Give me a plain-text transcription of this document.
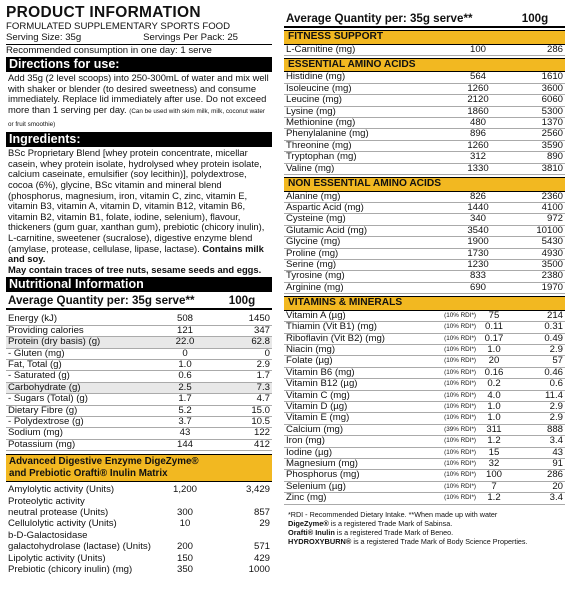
PRODUCT INFORMATION
FORMULATED SUPPLEMENTARY SPORTS FOOD
Serving Size: 35g	Servings Per Pack: 25
Recommended consumption in one day: 1 serve
Directions for use:
Add 35g (2 level scoops) into 250-300mL of water and mix well with shaker or blender (to desired sweetness) and consume immediately. Replace lid immediately after use. Do not exceed more than 1 serving per day. (Can be used with skim milk, milk, coconut water or fruit smoothie)
Ingredients:
BSc Proprietary Blend [whey protein concentrate, micellar casein, whey protein isolate, hydrolysed whey protein isolate, calcium caseinate, emulsifier (soy lecithin)], polydextrose, cocoa (6%), glycine, BSc vitamin and mineral blend (phosphorus, magnesium, iron, vitamin C, zinc, vitamin E, vitamin B3, vitamin A, vitamin D, vitamin B12, vitamin B6, vitamin B2, vitamin B1, folate, iodine, selenium), flavour, thickeners (gum guar, xanthan gum), prebiotic (chicory inulin), L-carnitine, sweetener (sucralose), digestive enzyme blend (amylase, protease, cellulase, lipase, lactase). Contains milk and soy.
May contain traces of tree nuts, sesame seeds and eggs.
Nutritional Information
Average Quantity per:
35g serve**	100g
Energy (kJ)	508	1450
Providing calories	121	347
Protein (dry basis) (g)	22.0	62.8
- Gluten (mg)	0	0
Fat, Total (g)	1.0	2.9
- Saturated (g)	0.6	1.7
Carbohydrate (g)	2.5	7.3
- Sugars (Total) (g)	1.7	4.7
Dietary Fibre (g)	5.2	15.0
- Polydextrose (g)	3.7	10.5
Sodium (mg)	43	122
Potassium (mg)	144	412
Advanced Digestive Enzyme DigeZyme®
and Prebiotic Orafti® Inulin Matrix
Amylolytic activity (Units)	1,200	3,429
Proteolytic activity		
neutral protease (Units)	300	857
Cellulolytic activity (Units)	10	29
b-D-Galactosidase		
galactohydrolase (lactase) (Units)	200	571
Lipolytic activity (Units)	150	429
Prebiotic (chicory inulin) (mg)	350	1000
Average Quantity per:
35g serve**	100g
FITNESS SUPPORT
L-Carnitine (mg)	100	286
ESSENTIAL AMINO ACIDS
Histidine (mg)	564	1610
Isoleucine (mg)	1260	3600
Leucine (mg)	2120	6060
Lysine (mg)	1860	5300
Methionine (mg)	480	1370
Phenylalanine (mg)	896	2560
Threonine (mg)	1260	3590
Tryptophan (mg)	312	890
Valine (mg)	1330	3810
NON ESSENTIAL AMINO ACIDS
Alanine (mg)	826	2360
Aspartic Acid (mg)	1440	4100
Cysteine (mg)	340	972
Glutamic Acid (mg)	3540	10100
Glycine (mg)	1900	5430
Proline (mg)	1730	4930
Serine (mg)	1230	3500
Tyrosine (mg)	833	2380
Arginine (mg)	690	1970
VITAMINS & MINERALS
Vitamin A (µg)	(10% RDI*)	75	214
Thiamin (Vit B1) (mg)	(10% RDI*)	0.11	0.31
Riboflavin (Vit B2) (mg)	(10% RDI*)	0.17	0.49
Niacin (mg)	(10% RDI*)	1.0	2.9
Folate (µg)	(10% RDI*)	20	57
Vitamin B6 (mg)	(10% RDI*)	0.16	0.46
Vitamin B12 (µg)	(10% RDI*)	0.2	0.6
Vitamin C (mg)	(10% RDI*)	4.0	11.4
Vitamin D (µg)	(10% RDI*)	1.0	2.9
Vitamin E (mg)	(10% RDI*)	1.0	2.9
Calcium (mg)	(39% RDI*)	311	888
Iron (mg)	(10% RDI*)	1.2	3.4
Iodine (µg)	(10% RDI*)	15	43
Magnesium (mg)	(10% RDI*)	32	91
Phosphorus (mg)	(10% RDI*)	100	286
Selenium (µg)	(10% RDI*)	7	20
Zinc (mg)	(10% RDI*)	1.2	3.4
*RDI - Recommended Dietary Intake. **When made up with water
DigeZyme® is a registered Trade Mark of Sabinsa.
Orafti® Inulin is a registered Trade Mark of Beneo.
HYDROXYBURN® is a registered Trade Mark of Body Science Properties.
